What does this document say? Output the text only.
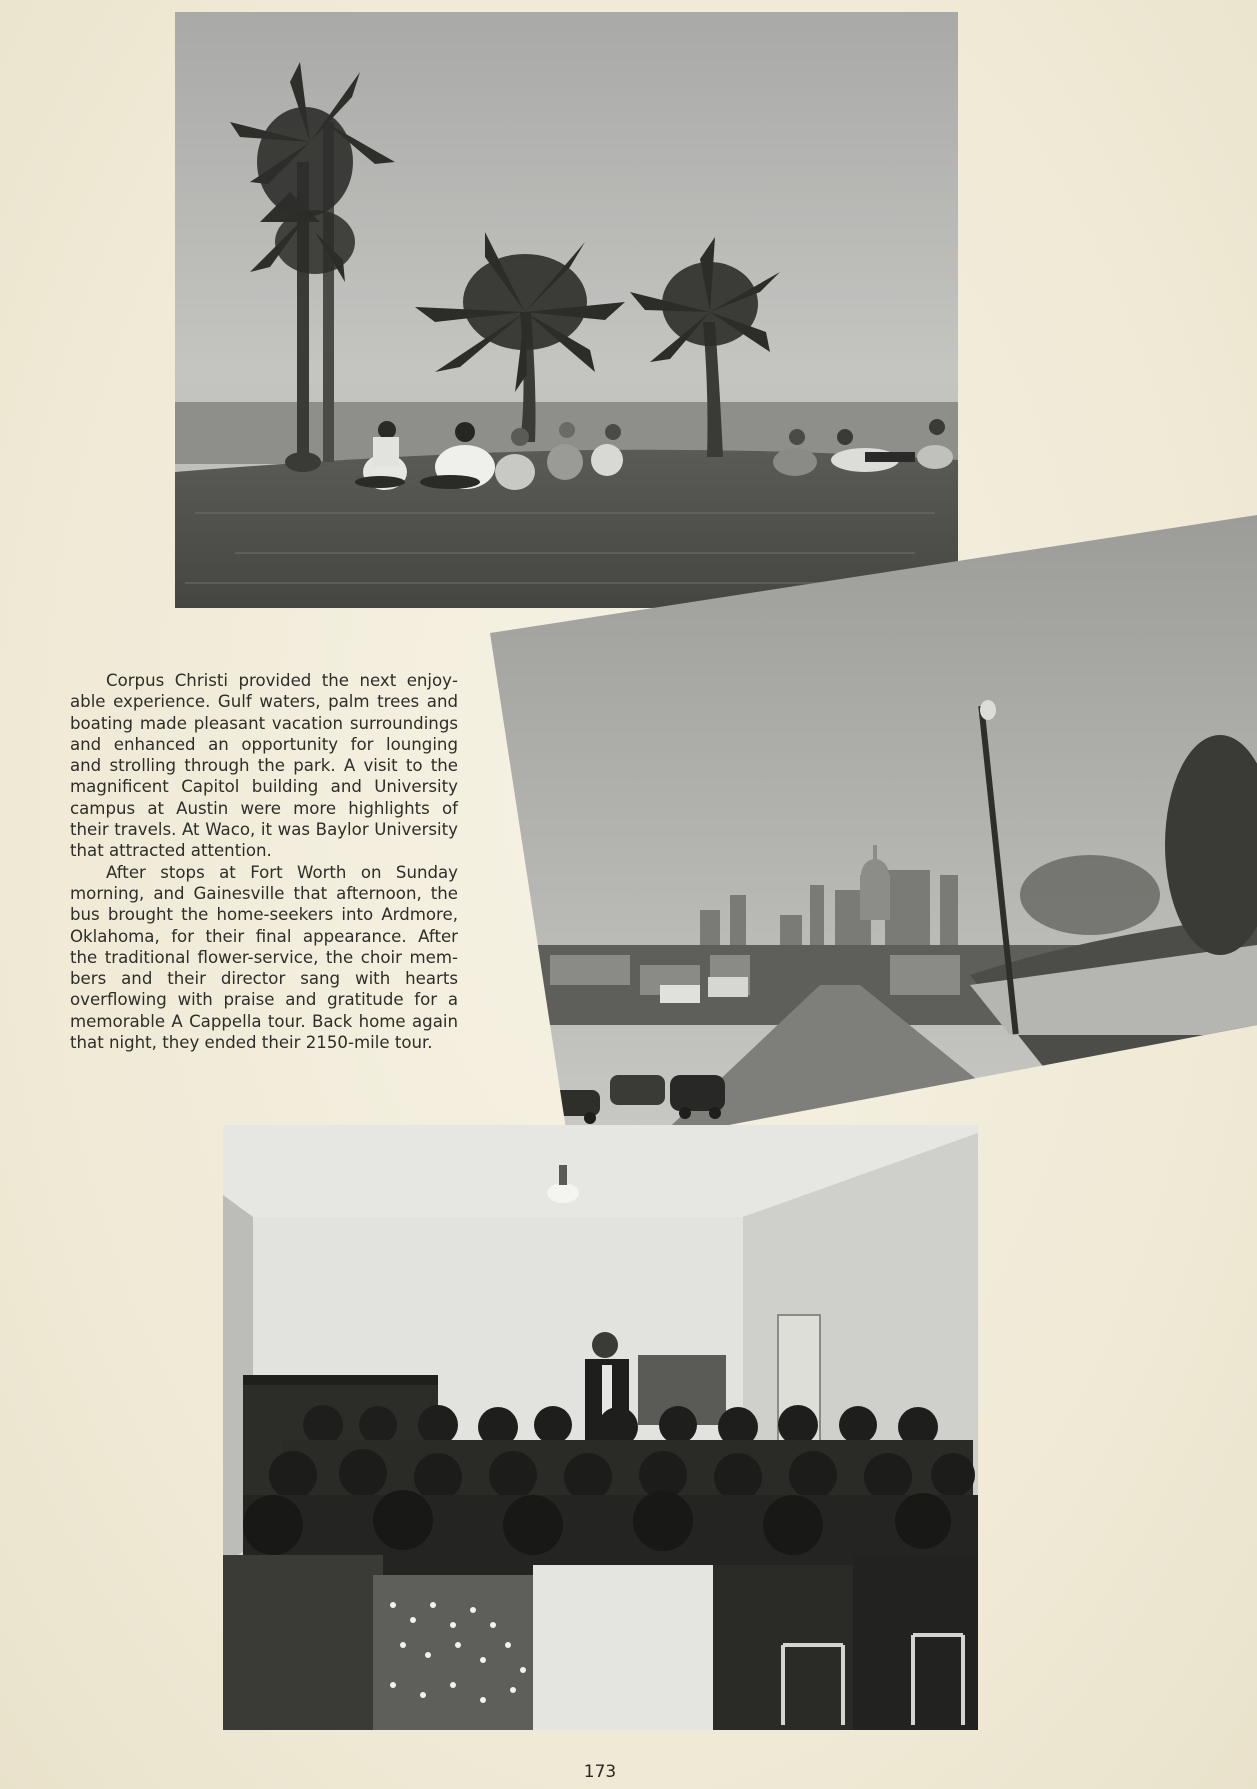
Corpus Christi provided the next enjoyable experience. Gulf waters, palm trees and boating made pleasant vacation surroundings and enhanced an opportunity for lounging and strolling through the park. A visit to the magnificent Capitol building and University campus at Austin were more highlights of their travels. At Waco, it was Baylor University that attracted attention.

After stops at Fort Worth on Sunday morning, and Gainesville that afternoon, the bus brought the home-seekers into Ardmore, Oklahoma, for their final appearance. After the traditional flower-service, the choir members and their director sang with hearts overflowing with praise and gratitude for a memorable A Cappella tour. Back home again that night, they ended their 2150-mile tour.

173
